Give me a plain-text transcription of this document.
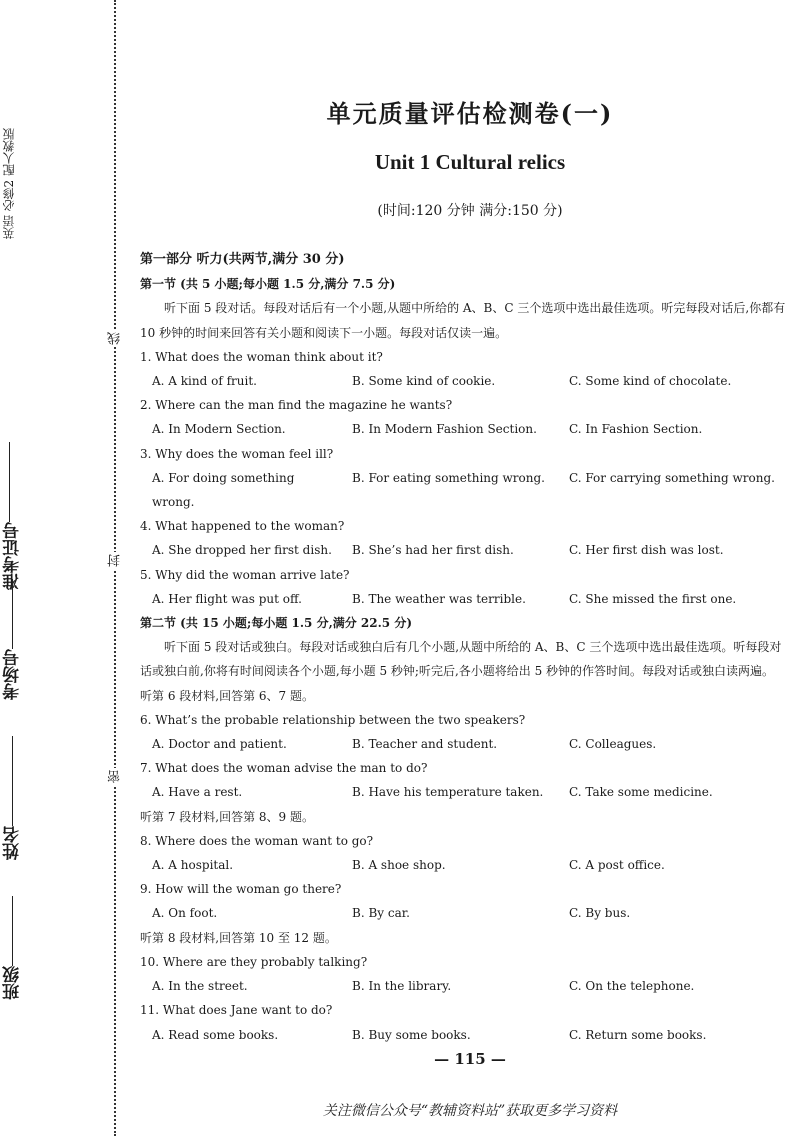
英语 必修2 配人教版
准考证号
考场号
姓名
班级
线
封
密
单元质量评估检测卷(一)
Unit 1 Cultural relics
(时间:120 分钟 满分:150 分)
第一部分 听力(共两节,满分 30 分)
第一节 (共 5 小题;每小题 1.5 分,满分 7.5 分)
听下面 5 段对话。每段对话后有一个小题,从题中所给的 A、B、C 三个选项中选出最佳选项。听完每段对话后,你都有 10 秒钟的时间来回答有关小题和阅读下一小题。每段对话仅读一遍。
1. What does the woman think about it?
A. A kind of fruit.	B. Some kind of cookie.	C. Some kind of chocolate.
2. Where can the man find the magazine he wants?
A. In Modern Section.	B. In Modern Fashion Section.	C. In Fashion Section.
3. Why does the woman feel ill?
A. For doing something wrong.
B. For eating something wrong.	C. For carrying something wrong.
4. What happened to the woman?
A. She dropped her first dish.	B. She’s had her first dish.	C. Her first dish was lost.
5. Why did the woman arrive late?
A. Her flight was put off.	B. The weather was terrible.	C. She missed the first one.
第二节 (共 15 小题;每小题 1.5 分,满分 22.5 分)
听下面 5 段对话或独白。每段对话或独白后有几个小题,从题中所给的 A、B、C 三个选项中选出最佳选项。听每段对话或独白前,你将有时间阅读各个小题,每小题 5 秒钟;听完后,各小题将给出 5 秒钟的作答时间。每段对话或独白读两遍。
听第 6 段材料,回答第 6、7 题。
6. What’s the probable relationship between the two speakers?
A. Doctor and patient.	B. Teacher and student.	C. Colleagues.
7. What does the woman advise the man to do?
A. Have a rest.	B. Have his temperature taken.	C. Take some medicine.
听第 7 段材料,回答第 8、9 题。
8. Where does the woman want to go?
A. A hospital.	B. A shoe shop.	C. A post office.
9. How will the woman go there?
A. On foot.	B. By car.	C. By bus.
听第 8 段材料,回答第 10 至 12 题。
10. Where are they probably talking?
A. In the street.	B. In the library.	C. On the telephone.
11. What does Jane want to do?
A. Read some books.	B. Buy some books.	C. Return some books.
— 115 —
关注微信公众号“教辅资料站”获取更多学习资料
